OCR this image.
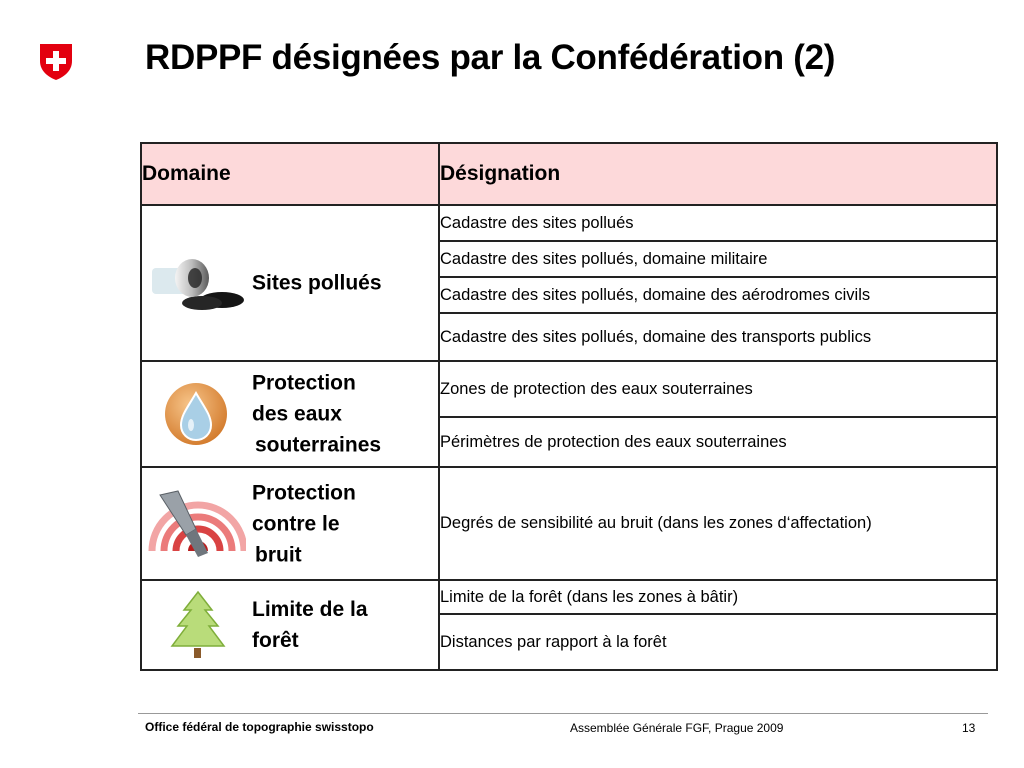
RDPPF désignées par la Confédération (2)
Domaine	Désignation

Sites pollués	Cadastre des sites pollués
	Cadastre des sites pollués, domaine militaire
	Cadastre des sites pollués, domaine des aérodromes civils
	Cadastre des sites pollués, domaine des transports publics

Protection
des eaux
souterraines	Zones de protection des eaux souterraines
	Périmètres de protection des eaux souterraines

Protection
contre le
bruit	Degrés de sensibilité au bruit (dans les zones d‘affectation)

Limite de la
forêt	Limite de la forêt (dans les zones à bâtir)
	Distances par rapport à la forêt
Office fédéral de topographie swisstopo	Assemblée Générale FGF, Prague 2009	13
